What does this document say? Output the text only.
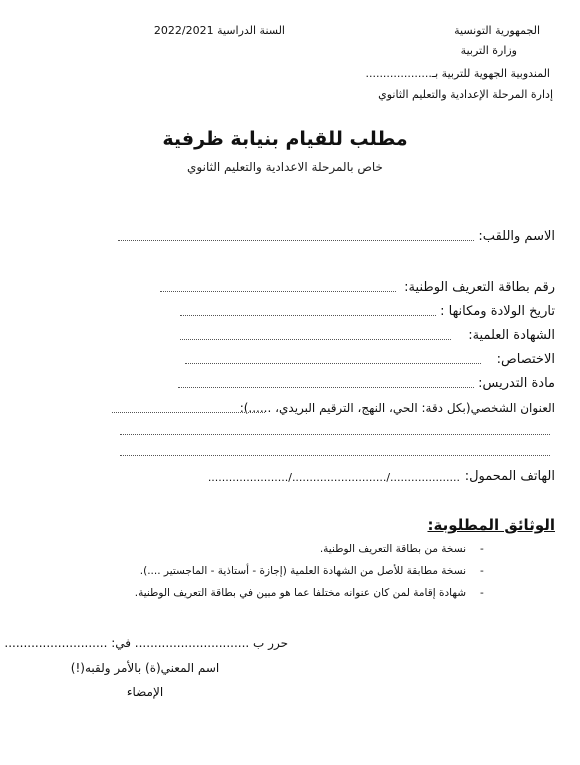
السنة الدراسية 2022/2021	الجمهورية التونسية
وزارة التربية
المندوبية الجهوية للتربية بـ...................
إدارة المرحلة الإعدادية والتعليم الثانوي
مطلب للقيام بنيابة ظرفية
خاص بالمرحلة الاعدادية والتعليم الثانوي
الاسم واللقب:
رقم بطاقة التعريف الوطنية:
تاريخ الولادة ومكانها :
الشهادة العلمية:
الاختصاص:
مادة التدريس:
العنوان الشخصي(بكل دقة: الحي، النهج، الترقيم البريدي، ......):
الهاتف المحمول:
......................./.........................../....................
الوثائق المطلوبة:
نسخة من بطاقة التعريف الوطنية. -
نسخة مطابقة للأصل من الشهادة العلمية (إجازة - أستاذية - الماجستير ....). -
شهادة إقامة لمن كان عنوانه مختلفا عما هو مبين في بطاقة التعريف الوطنية. -
حرر ب .............................. في: ...........................
اسم المعني(ة) بالأمر ولقبه(!)
الإمضاء
